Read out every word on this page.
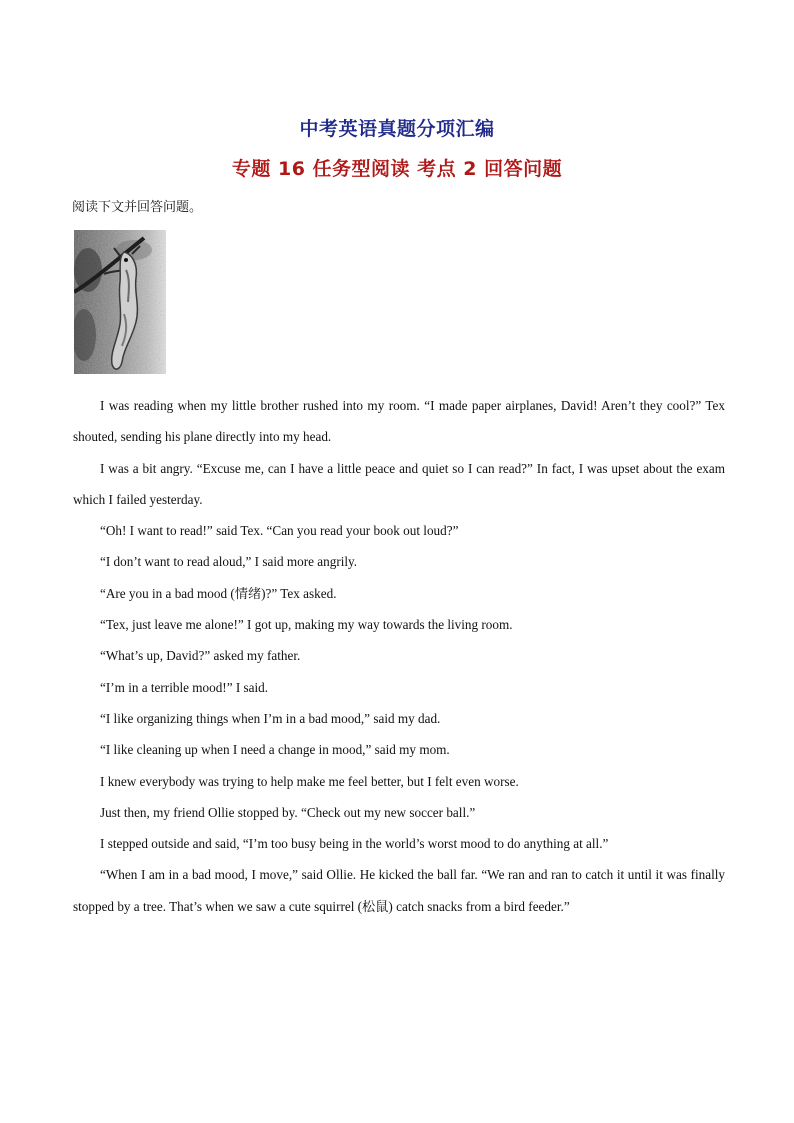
中考英语真题分项汇编
专题 16 任务型阅读 考点 2 回答问题
阅读下文并回答问题。

I was reading when my little brother rushed into my room. “I made paper airplanes, David! Aren’t they cool?” Tex shouted, sending his plane directly into my head.

I was a bit angry. “Excuse me, can I have a little peace and quiet so I can read?” In fact, I was upset about the exam which I failed yesterday.

“Oh! I want to read!” said Tex. “Can you read your book out loud?”

“I don’t want to read aloud,” I said more angrily.

“Are you in a bad mood (情绪)?” Tex asked.

“Tex, just leave me alone!” I got up, making my way towards the living room.

“What’s up, David?” asked my father.

“I’m in a terrible mood!” I said.

“I like organizing things when I’m in a bad mood,” said my dad.

“I like cleaning up when I need a change in mood,” said my mom.

I knew everybody was trying to help make me feel better, but I felt even worse.

Just then, my friend Ollie stopped by. “Check out my new soccer ball.”

I stepped outside and said, “I’m too busy being in the world’s worst mood to do anything at all.”

“When I am in a bad mood, I move,” said Ollie. He kicked the ball far. “We ran and ran to catch it until it was finally stopped by a tree. That’s when we saw a cute squirrel (松鼠) catch snacks from a bird feeder.”
